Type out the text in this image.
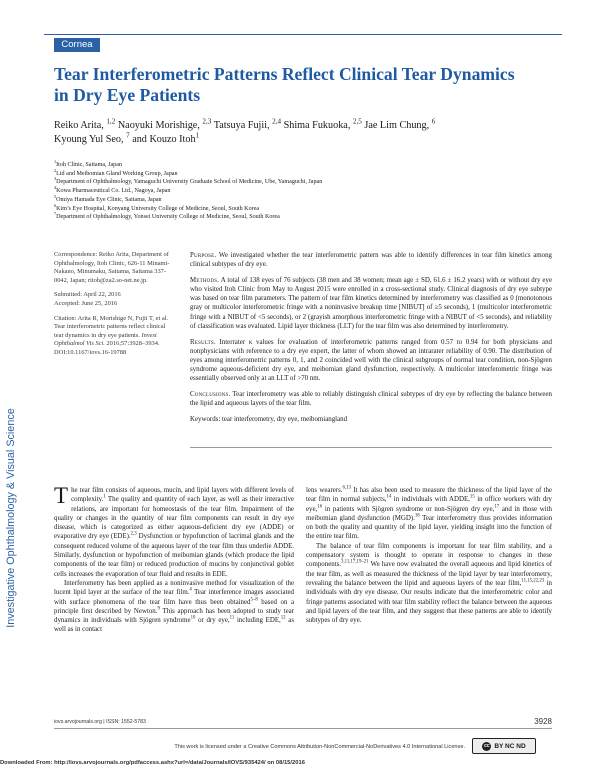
Cornea
Tear Interferometric Patterns Reflect Clinical Tear Dynamics in Dry Eye Patients
Reiko Arita, $^{1,2}$ Naoyuki Morishige, $^{2,3}$ Tatsuya Fujii, $^{2,4}$ Shima Fukuoka, $^{2,5}$ Jae Lim Chung, $^6$
Kyoung Yul Seo, $^7$ and Kouzo Itoh$^1$
$^1$Itoh Clinic, Saitama, Japan
$^2$Lid and Meibomian Gland Working Group, Japan
$^3$Department of Ophthalmology, Yamaguchi University Graduate School of Medicine, Ube, Yamaguchi, Japan
$^4$Kowa Pharmaceutical Co. Ltd., Nagoya, Japan
$^5$Omiya Hamada Eye Clinic, Saitama, Japan
$^6$Kim’s Eye Hospital, Konyang University College of Medicine, Seoul, South Korea
$^7$Department of Ophthalmology, Yonsei University College of Medicine, Seoul, South Korea

Correspondence: Reiko Arita, Department of Ophthalmology, Itoh Clinic, 626-11 Minami-Nakano, Minumaku, Saitama, Saitama 337-0042, Japan; ritoh@za2.so-net.ne.jp.

Submitted: April 22, 2016

Accepted: June 25, 2016

Citation: Arita R, Morishige N, Fujii T, et al. Tear interferometric patterns reflect clinical tear dynamics in dry eye patients. Invest Ophthalmol Vis Sci. 2016;57:3928–3934. DOI:10.1167/iovs.16-19788

Purpose. We investigated whether the tear interferometric pattern was able to identify differences in tear film kinetics among clinical subtypes of dry eye.

Methods. A total of 138 eyes of 76 subjects (38 men and 38 women; mean age ± SD, 61.6 ± 16.2 years) with or without dry eye who visited Itoh Clinic from May to August 2015 were enrolled in a cross-sectional study. Clinical diagnosis of dry eye subtype was based on tear film parameters. The pattern of tear film kinetics determined by interferometry was classified as 0 (monotonous gray or multicolor interferometric fringe with a noninvasive breakup time [NIBUT] of ≥5 seconds), 1 (multicolor interferometric fringe with a NIBUT of <5 seconds), or 2 (grayish amorphous interferometric fringe with a NIBUT of <5 seconds), and reliability of classification was evaluated. Lipid layer thickness (LLT) for the tear film was also determined by interferometry.

Results. Interrater κ values for evaluation of interferometric patterns ranged from 0.57 to 0.94 for both physicians and nonphysicians with reference to a dry eye expert, the latter of whom showed an intrarater reliability of 0.90. The distribution of eyes among interferometric patterns 0, 1, and 2 coincided well with the clinical subgroups of normal tear condition, non-Sjögren syndrome aqueous-deficient dry eye, and meibomian gland dysfunction, respectively. A multicolor interferometric fringe was essentially observed only at an LLT of >70 nm.

Conclusions. Tear interferometry was able to reliably distinguish clinical subtypes of dry eye by reflecting the balance between the lipid and aqueous layers of the tear film.

Keywords: tear interferometry, dry eye, meibomiangland

Investigative Ophthalmology & Visual Science The tear film consists of aqueous, mucin, and lipid layers with different levels of complexity.$^1$ The quality and quantity of each layer, as well as their interactive relations, are important for homeostasis of the tear film. Impairment of the quality or changes in the quantity of tear film components can result in dry eye disease, which is categorized as either aqueous-deficient dry eye (ADDE) or evaporative dry eye (EDE).$^{2,3}$ Dysfunction or hypofunction of lacrimal glands and the consequent reduced volume of the aqueous layer of the tear film thus underlie ADDE. Similarly, dysfunction or hypofunction of meibomian glands (which produce the lipid components of the tear film) or reduced production of mucins by conjunctival goblet cells increases the evaporation of tear fluid and results in EDE.

Interferometry has been applied as a noninvasive method for visualization of the lucent lipid layer at the surface of the tear film.$^4$ Tear interference images associated with surface phenomena of the tear film have thus been obtained$^{5-8}$ based on a principle first described by Newton.$^9$ This approach has been adopted to study tear dynamics in individuals with Sjögren syndrome$^{10}$ or dry eye,$^{11}$ including EDE,$^{12}$ as well as in contact

lens wearers.$^{6,13}$ It has also been used to measure the thickness of the lipid layer of the tear film in normal subjects,$^{14}$ in individuals with ADDE,$^{15}$ in office workers with dry eye,$^{16}$ in patients with Sjögren syndrome or non-Sjögren dry eye,$^{17}$ and in those with meibomian gland dysfunction (MGD).$^{18}$ Tear interferometry thus provides information on both the quality and quantity of the lipid layer, yielding insight into the function of the entire tear film.

The balance of tear film components is important for tear film stability, and a compensatory system is thought to operate in response to changes in these components.$^{3,11,17,19-21}$ We have now evaluated the overall aqueous and lipid kinetics of the tear film, as well as measured the thickness of the lipid layer by tear interferometry, revealing the balance between the lipid and aqueous layers of the tear film,$^{11,15,22,23}$ in individuals with dry eye disease. Our results indicate that the interferometric color and fringe patterns associated with tear film stability reflect the balance between the aqueous and lipid layers of the tear film, and they suggest that these patterns are able to identify subtypes of dry eye.

iovs.arvojournals.org | ISSN: 1552-5783	3928
This work is licensed under a Creative Commons Attribution-NonCommercial-NoDerivatives 4.0 International License.	cc BY NC ND
Downloaded From: http://iovs.arvojournals.org/pdfaccess.ashx?url=/data/Journals/IOVS/935424/ on 08/15/2016
